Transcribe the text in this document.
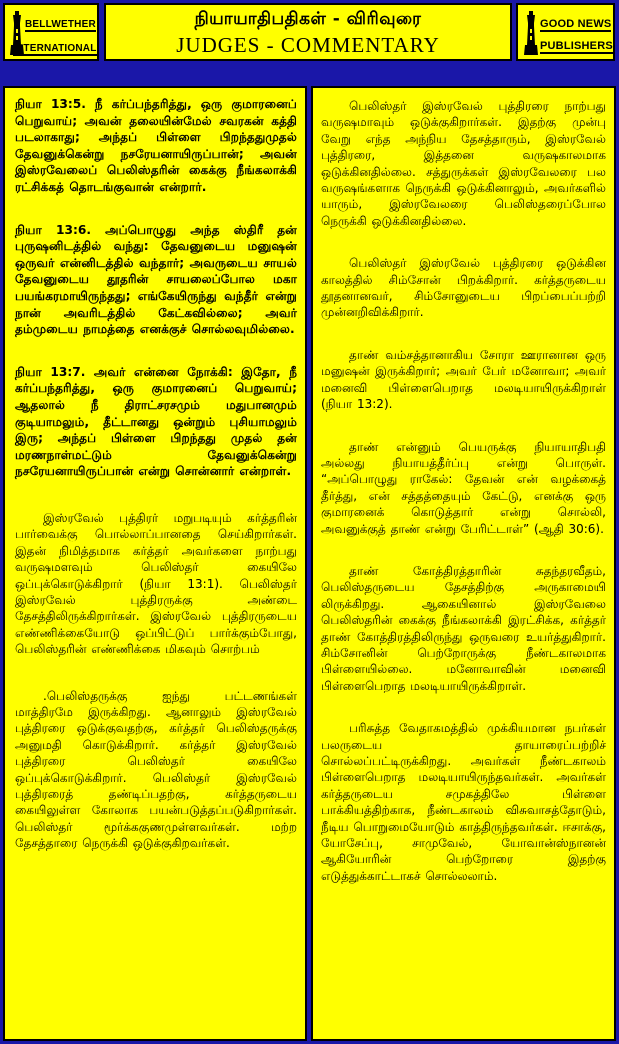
BELLWETHER
INTERNATIONAL
நியாயாதிபதிகள் - விரிவுரை
JUDGES - COMMENTARY
GOOD NEWS
PUBLISHERS

நியா 13:5. நீ கர்ப்பந்தரித்து, ஒரு குமாரனைப் பெறுவாய்; அவன் தலையின்மேல் சவரகன் கத்தி படலாகாது; அந்தப் பிள்ளை பிறந்ததுமுதல் தேவனுக்கென்று நசரேயனாயிருப்பான்; அவன் இஸ்ரவேலைப் பெலிஸ்தரின் கைக்கு நீங்கலாக்கி ரட்சிக்கத் தொடங்குவான் என்றார்.

நியா 13:6. அப்பொழுது அந்த ஸ்திரீ தன் புருஷனிடத்தில் வந்து: தேவனுடைய மனுஷன் ஒருவர் என்னிடத்தில் வந்தார்; அவருடைய சாயல் தேவனுடைய தூதரின் சாயலைப்போல மகா பயங்கரமாயிருந்தது; எங்கேயிருந்து வந்தீர் என்று நான் அவரிடத்தில் கேட்கவில்லை; அவர் தம்முடைய நாமத்தை எனக்குச் சொல்லவுமில்லை.

நியா 13:7. அவர் என்னை நோக்கி: இதோ, நீ கர்ப்பந்தரித்து, ஒரு குமாரனைப் பெறுவாய்; ஆதலால் நீ திராட்சரசமும் மதுபானமும் குடியாமலும், தீட்டானது ஒன்றும் புசியாமலும் இரு; அந்தப் பிள்ளை பிறந்தது முதல் தன் மரணநாள்மட்டும் தேவனுக்கென்று நசரேயனாயிருப்பான் என்று சொன்னார் என்றாள்.

இஸ்ரவேல் புத்திரர் மறுபடியும் கர்த்தரின் பார்வைக்கு பொல்லாப்பானதை செய்கிறார்கள். இதன் நிமித்தமாக கர்த்தர் அவர்களை நாற்பது வருஷமளவும் பெலிஸ்தர் கையிலே ஒப்புக்கொடுக்கிறார் (நியா 13:1). பெலிஸ்தர் இஸ்ரவேல் புத்திரருக்கு அண்டை தேசத்திலிருக்கிறார்கள். இஸ்ரவேல் புத்திரருடைய எண்ணிக்கையோடு ஒப்பிட்டுப் பார்க்கும்போது, பெலிஸ்தரின் எண்ணிக்கை மிகவும் சொற்பம்

.பெலிஸ்தருக்கு ஐந்து பட்டணங்கள் மாத்திரமே இருக்கிறது. ஆனாலும் இஸ்ரவேல் புத்திரரை ஒடுக்குவதற்கு, கர்த்தர் பெலிஸ்தருக்கு அனுமதி கொடுக்கிறார். கர்த்தர் இஸ்ரவேல் புத்திரரை பெலிஸ்தர் கையிலே ஒப்புக்கொடுக்கிறார். பெலிஸ்தர் இஸ்ரவேல் புத்திரரைத் தண்டிப்பதற்கு, கர்த்தருடைய கையிலுள்ள கோலாக பயன்படுத்தப்படுகிறார்கள். பெலிஸ்தர் மூர்க்ககுணமுள்ளவர்கள். மற்ற தேசத்தாரை நெருக்கி ஒடுக்குகிறவர்கள்.

பெலிஸ்தர் இஸ்ரவேல் புத்திரரை நாற்பது வருஷமாவும் ஒடுக்குகிறார்கள். இதற்கு முன்பு வேறு எந்த அந்நிய தேசத்தாரும், இஸ்ரவேல் புத்திரரை, இத்தனை வருஷகாலமாக ஒடுக்கினதில்லை. சத்துருக்கள் இஸ்ரவேலரை பல வருஷங்களாக நெருக்கி ஒடுக்கினாலும், அவர்களில் யாரும், இஸ்ரவேலரை பெலிஸ்தரைப்போல நெருக்கி ஒடுக்கினதில்லை.

பெலிஸ்தர் இஸ்ரவேல் புத்திரரை ஒடுக்கின காலத்தில் சிம்சோன் பிறக்கிறார். கர்த்தருடைய தூதனானவர், சிம்சோனுடைய பிறப்பைப்பற்றி முன்னறிவிக்கிறார்.

தாண் வம்சத்தானாகிய சோரா ஊரானான ஒரு மனுஷன் இருக்கிறார்; அவர் பேர் மனோவா; அவர் மனைவி பிள்ளைபெறாத மலடியாயிருக்கிறாள் (நியா 13:2).

தாண் என்னும் பெயருக்கு நியாயாதிபதி அல்லது நியாயத்தீர்ப்பு என்று பொருள். “அப்பொழுது ராகேல்: தேவன் என் வழக்கைத் தீர்த்து, என் சத்தத்தையும் கேட்டு, எனக்கு ஒரு குமாரனைக் கொடுத்தார் என்று சொல்லி, அவனுக்குத் தாண் என்று பேரிட்டாள்” (ஆதி 30:6).

தாண் கோத்திரத்தாரின் சுதந்தரவீதம், பெலிஸ்தருடைய தேசத்திற்கு அருகாமையி லிருக்கிறது. ஆகையினால் இஸ்ரவேலை பெலிஸ்தரின் கைக்கு நீங்கலாக்கி இரட்சிக்க, கர்த்தர் தாண் கோத்திரத்திலிருந்து ஒருவரை உயர்த்துகிறார். சிம்சோனின் பெற்றோருக்கு நீண்டகாலமாக பிள்ளையில்லை. மனோவாவின் மனைவி பிள்ளைபெறாத மலடியாயிருக்கிறாள்.

பரிசுத்த வேதாகமத்தில் முக்கியமான நபர்கள் பலருடைய தாயாரைப்பற்றிச் சொல்லப்பட்டிருக்கிறது. அவர்கள் நீண்டகாலம் பிள்ளைபெறாத மலடியாயிருந்தவர்கள். அவர்கள் கர்த்தருடைய சமுகத்திலே பிள்ளை பாக்கியத்திற்காக, நீண்டகாலம் விசுவாசத்தோடும், நீடிய பொறுமையோடும் காத்திருந்தவர்கள். ஈசாக்கு, யோசேப்பு, சாமுவேல், யோவான்ஸ்நானன் ஆகியோரின் பெற்றோரை இதற்கு எடுத்துக்காட்டாகச் சொல்லலாம்.
